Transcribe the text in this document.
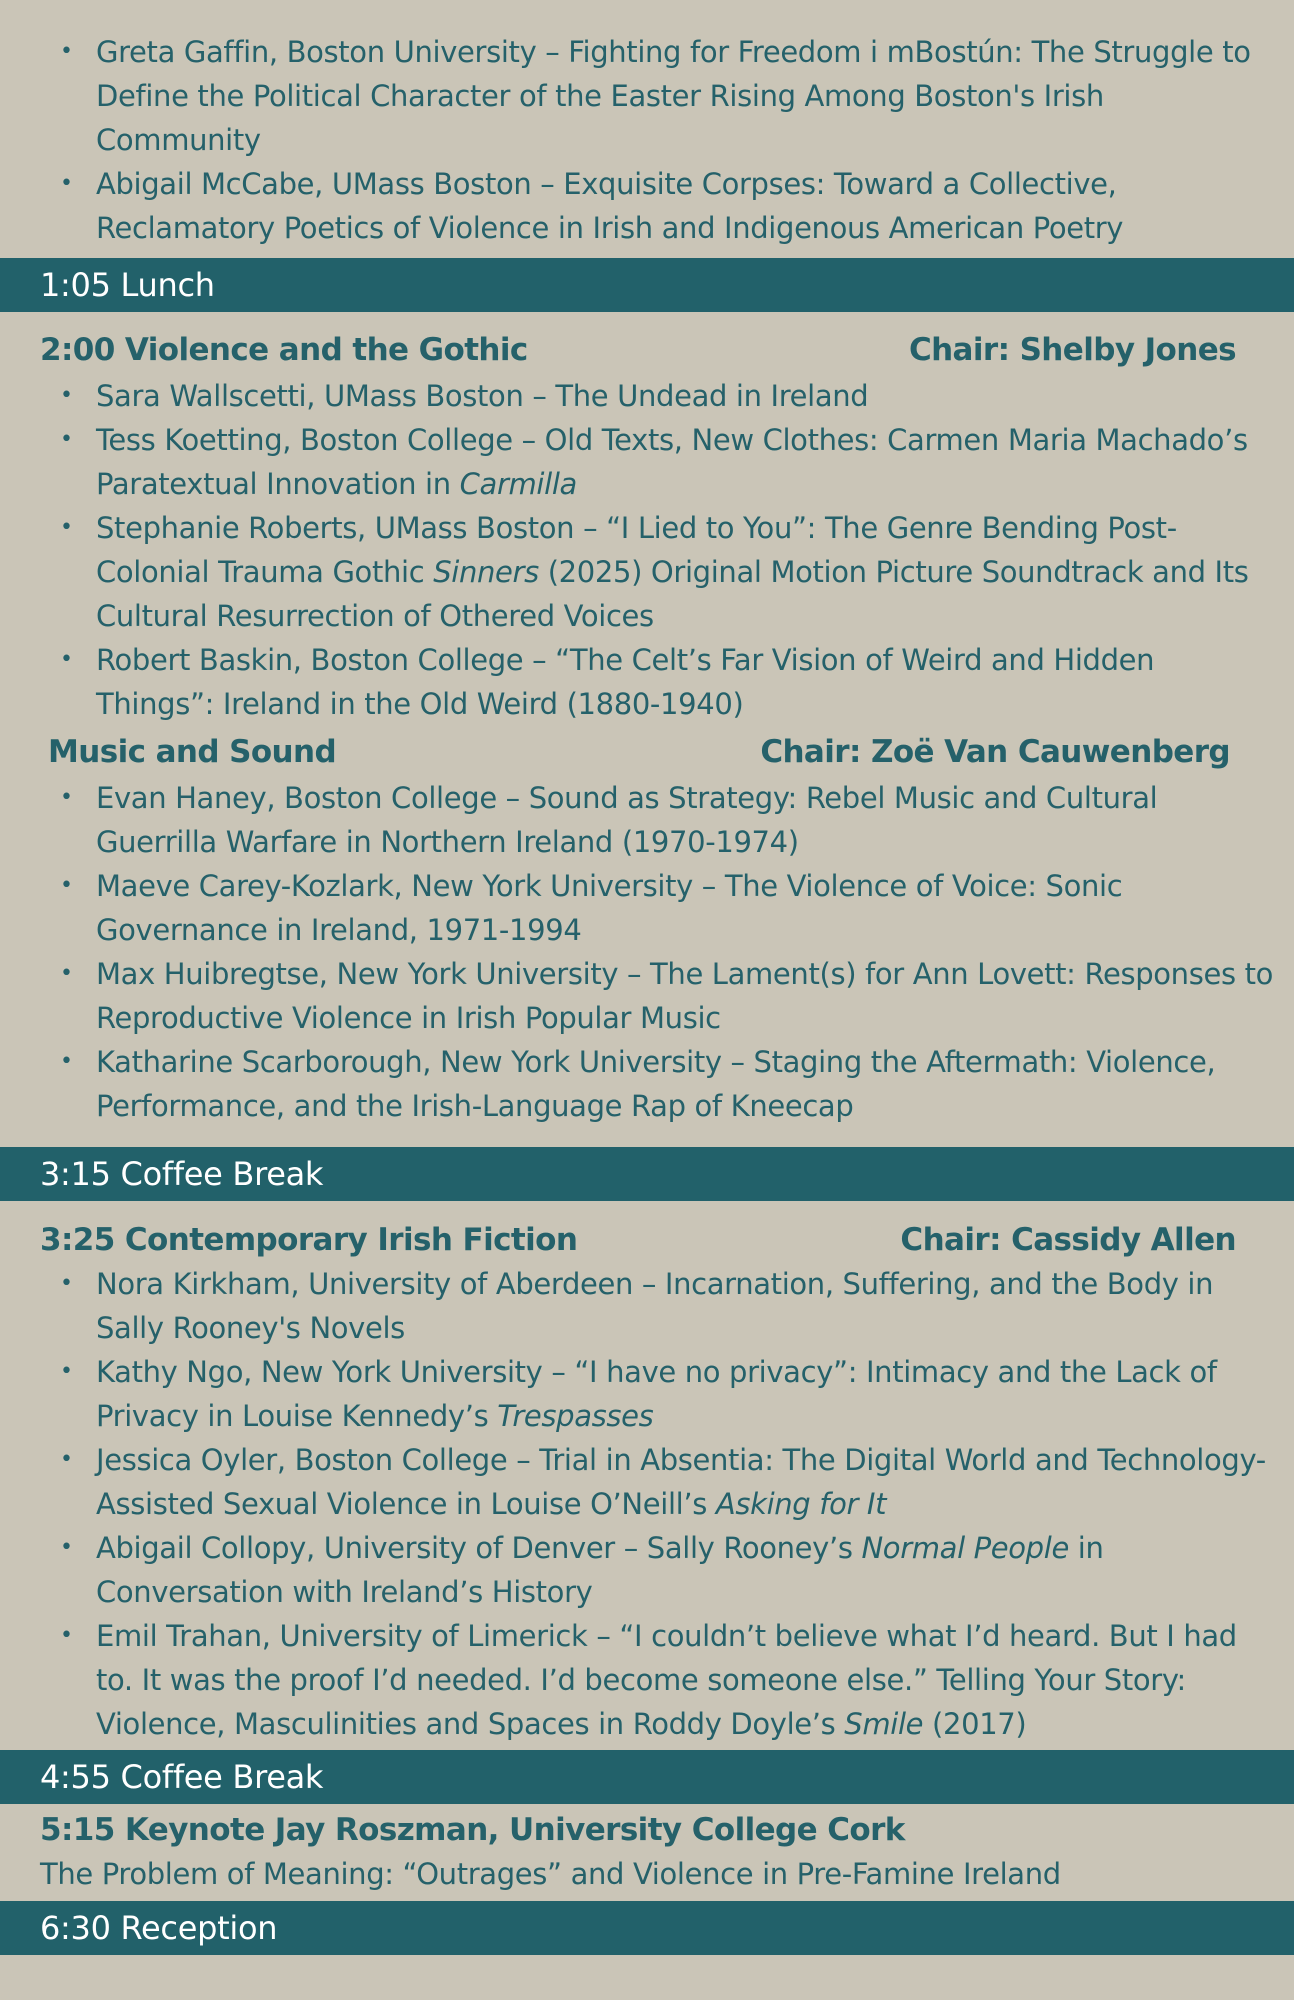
• Greta Gaffin, Boston University – Fighting for Freedom i mBostún: The Struggle to Define the Political Character of the Easter Rising Among Boston's Irish Community
• Abigail McCabe, UMass Boston – Exquisite Corpses: Toward a Collective, Reclamatory Poetics of Violence in Irish and Indigenous American Poetry
1:05 Lunch
2:00 Violence and the Gothic	Chair: Shelby Jones
• Sara Wallscetti, UMass Boston – The Undead in Ireland
• Tess Koetting, Boston College – Old Texts, New Clothes: Carmen Maria Machado’s Paratextual Innovation in Carmilla
• Stephanie Roberts, UMass Boston – “I Lied to You”: The Genre Bending Post-Colonial Trauma Gothic Sinners (2025) Original Motion Picture Soundtrack and Its Cultural Resurrection of Othered Voices
• Robert Baskin, Boston College – “The Celt’s Far Vision of Weird and Hidden Things”: Ireland in the Old Weird (1880-1940)
Music and Sound	Chair: Zoë Van Cauwenberg
• Evan Haney, Boston College – Sound as Strategy: Rebel Music and Cultural Guerrilla Warfare in Northern Ireland (1970-1974)
• Maeve Carey-Kozlark, New York University – The Violence of Voice: Sonic Governance in Ireland, 1971-1994
• Max Huibregtse, New York University – The Lament(s) for Ann Lovett: Responses to Reproductive Violence in Irish Popular Music
• Katharine Scarborough, New York University – Staging the Aftermath: Violence, Performance, and the Irish-Language Rap of Kneecap
3:15 Coffee Break
3:25 Contemporary Irish Fiction	Chair: Cassidy Allen
• Nora Kirkham, University of Aberdeen – Incarnation, Suffering, and the Body in Sally Rooney's Novels
• Kathy Ngo, New York University – “I have no privacy”: Intimacy and the Lack of Privacy in Louise Kennedy’s Trespasses
• Jessica Oyler, Boston College – Trial in Absentia: The Digital World and Technology-Assisted Sexual Violence in Louise O’Neill’s Asking for It
• Abigail Collopy, University of Denver – Sally Rooney’s Normal People in Conversation with Ireland’s History
• Emil Trahan, University of Limerick – “I couldn’t believe what I’d heard. But I had to. It was the proof I’d needed. I’d become someone else.” Telling Your Story: Violence, Masculinities and Spaces in Roddy Doyle’s Smile (2017)
4:55 Coffee Break
5:15 Keynote Jay Roszman, University College Cork
The Problem of Meaning: “Outrages” and Violence in Pre-Famine Ireland
6:30 Reception
